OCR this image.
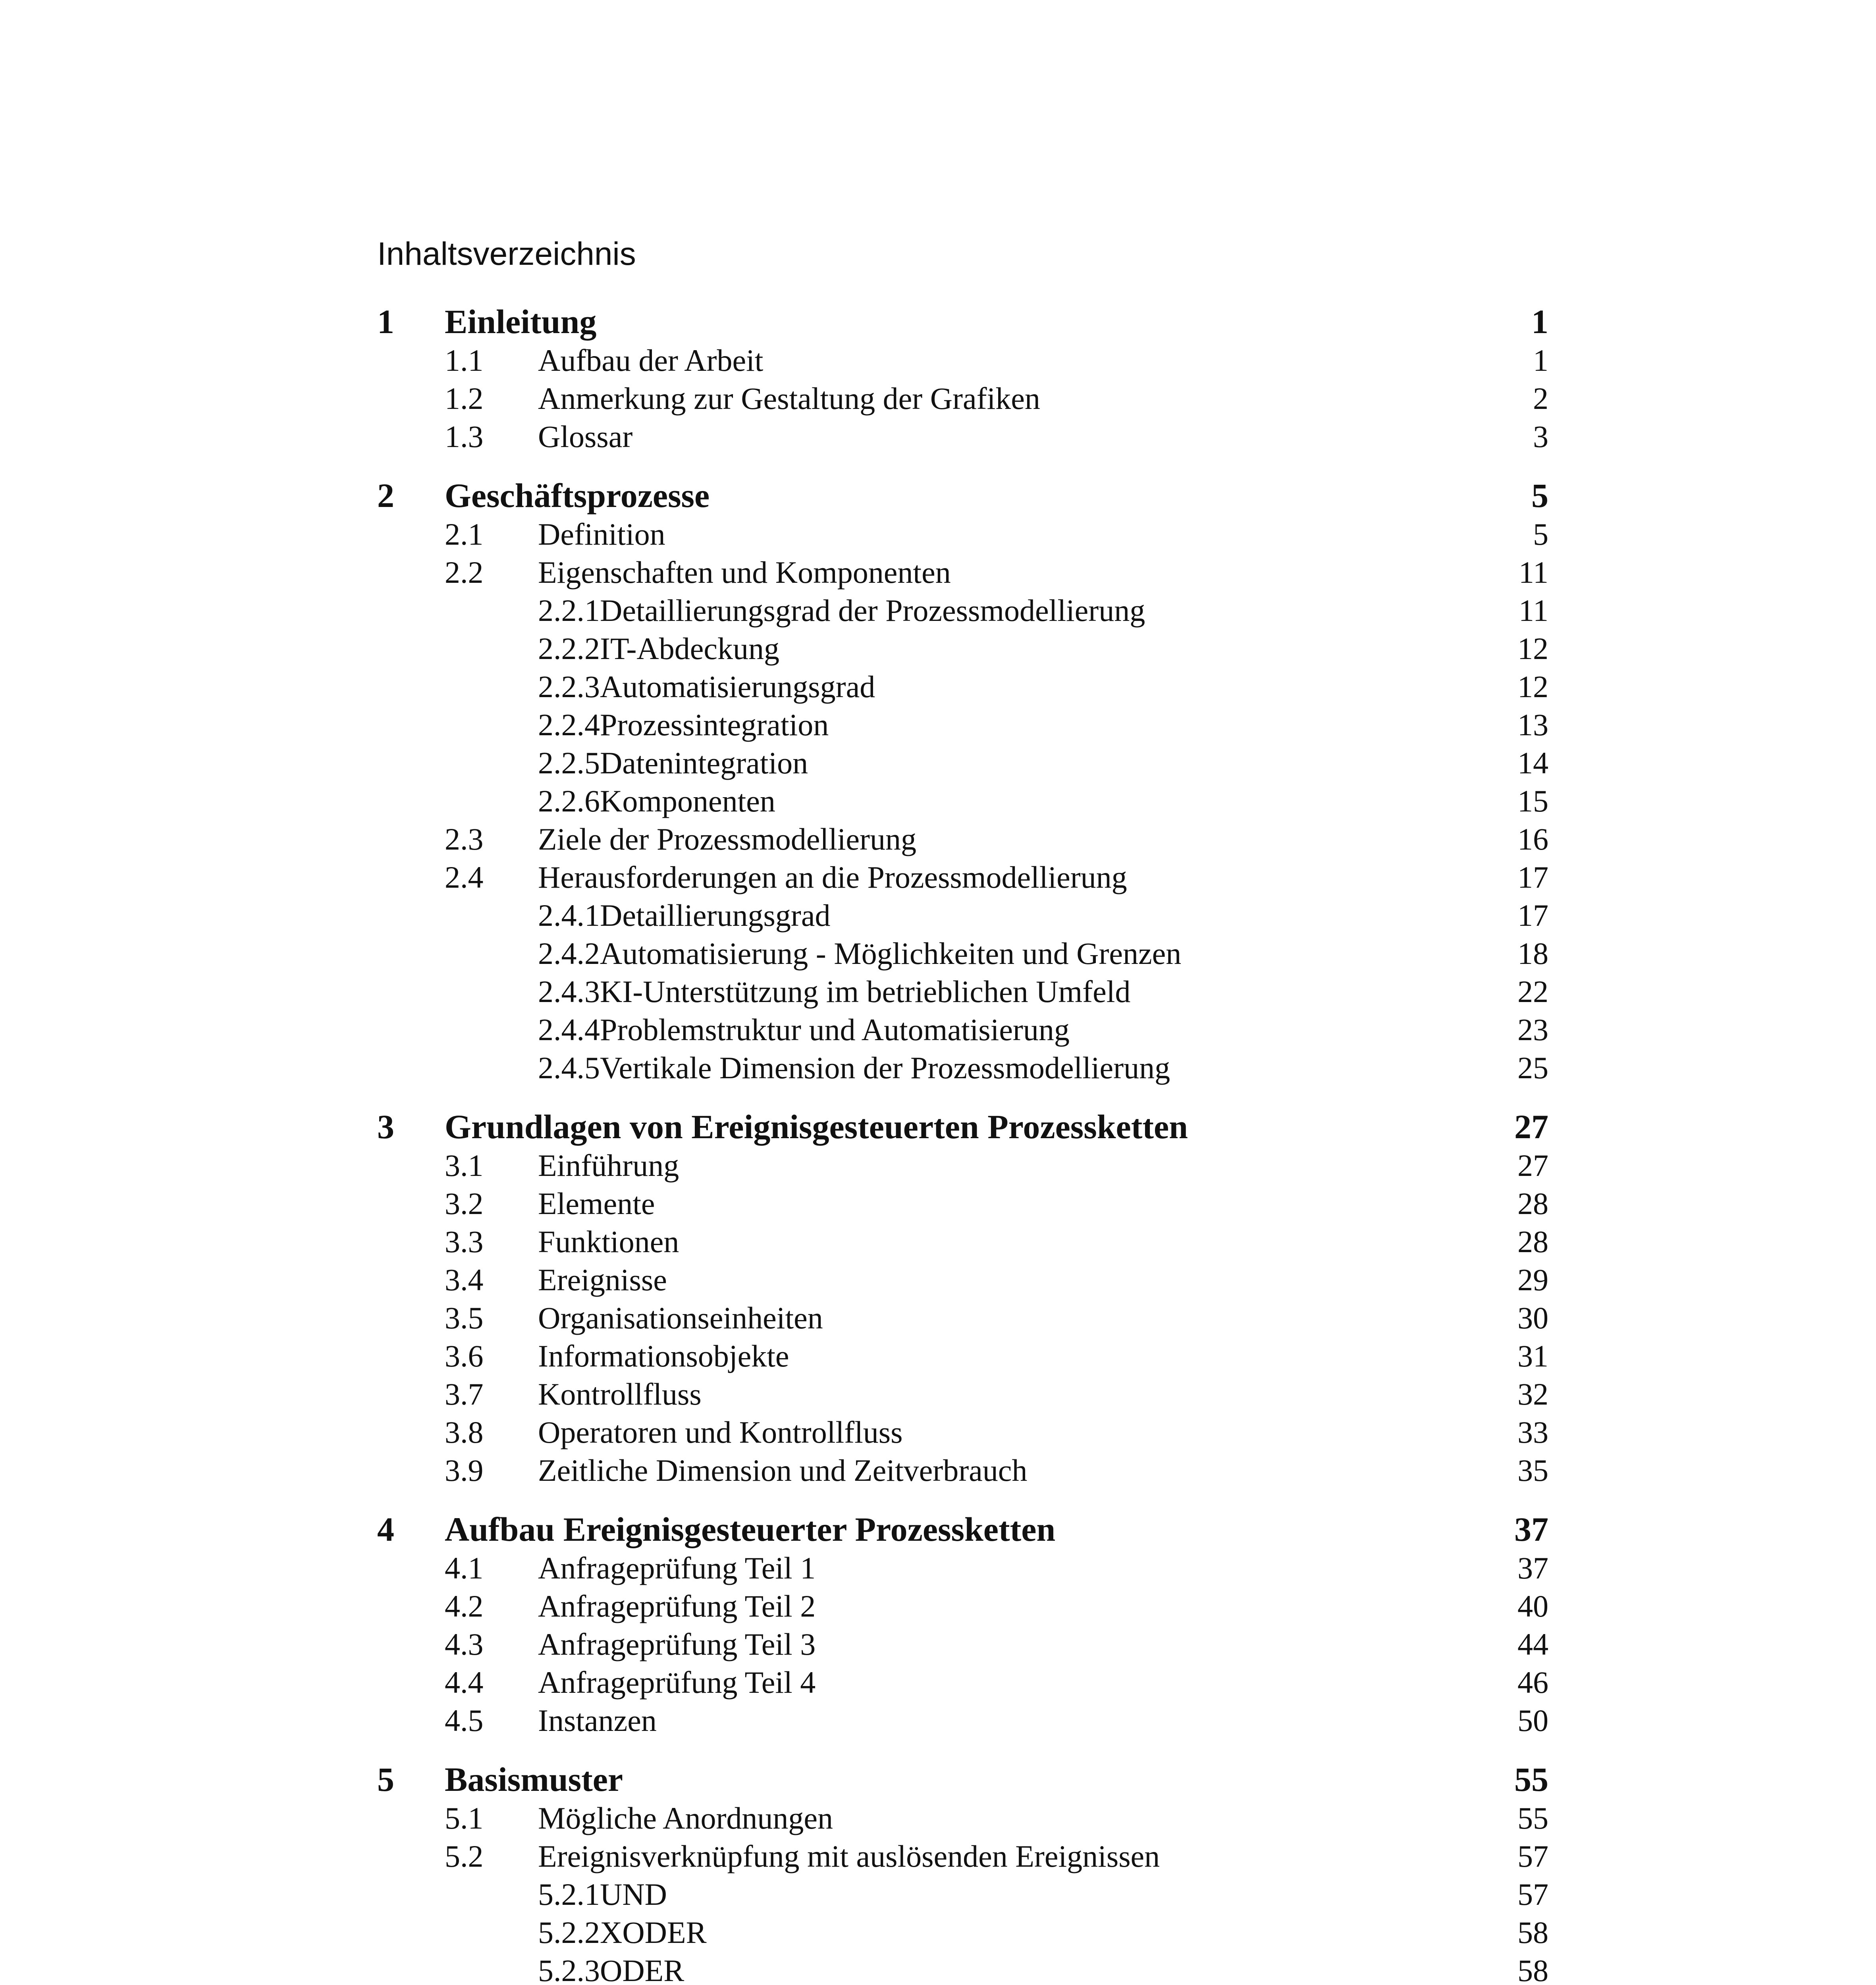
Inhaltsverzeichnis
1 Einleitung	1
1.1 Aufbau der Arbeit	1
1.2 Anmerkung zur Gestaltung der Grafiken	2
1.3 Glossar	3
2 Geschäftsprozesse	5
2.1 Definition	5
2.2 Eigenschaften und Komponenten	11
2.2.1Detaillierungsgrad der Prozessmodellierung	11
2.2.2IT-Abdeckung	12
2.2.3Automatisierungsgrad	12
2.2.4Prozessintegration	13
2.2.5Datenintegration	14
2.2.6Komponenten	15
2.3 Ziele der Prozessmodellierung	16
2.4 Herausforderungen an die Prozessmodellierung	17
2.4.1Detaillierungsgrad	17
2.4.2Automatisierung - Möglichkeiten und Grenzen	18
2.4.3KI-Unterstützung im betrieblichen Umfeld	22
2.4.4Problemstruktur und Automatisierung	23
2.4.5Vertikale Dimension der Prozessmodellierung	25
3 Grundlagen von Ereignisgesteuerten Prozessketten	27
3.1 Einführung	27
3.2 Elemente	28
3.3 Funktionen	28
3.4 Ereignisse	29
3.5 Organisationseinheiten	30
3.6 Informationsobjekte	31
3.7 Kontrollfluss	32
3.8 Operatoren und Kontrollfluss	33
3.9 Zeitliche Dimension und Zeitverbrauch	35
4 Aufbau Ereignisgesteuerter Prozessketten	37
4.1 Anfrageprüfung Teil 1	37
4.2 Anfrageprüfung Teil 2	40
4.3 Anfrageprüfung Teil 3	44
4.4 Anfrageprüfung Teil 4	46
4.5 Instanzen	50
5 Basismuster	55
5.1 Mögliche Anordnungen	55
5.2 Ereignisverknüpfung mit auslösenden Ereignissen	57
5.2.1UND	57
5.2.2XODER	58
5.2.3ODER	58
